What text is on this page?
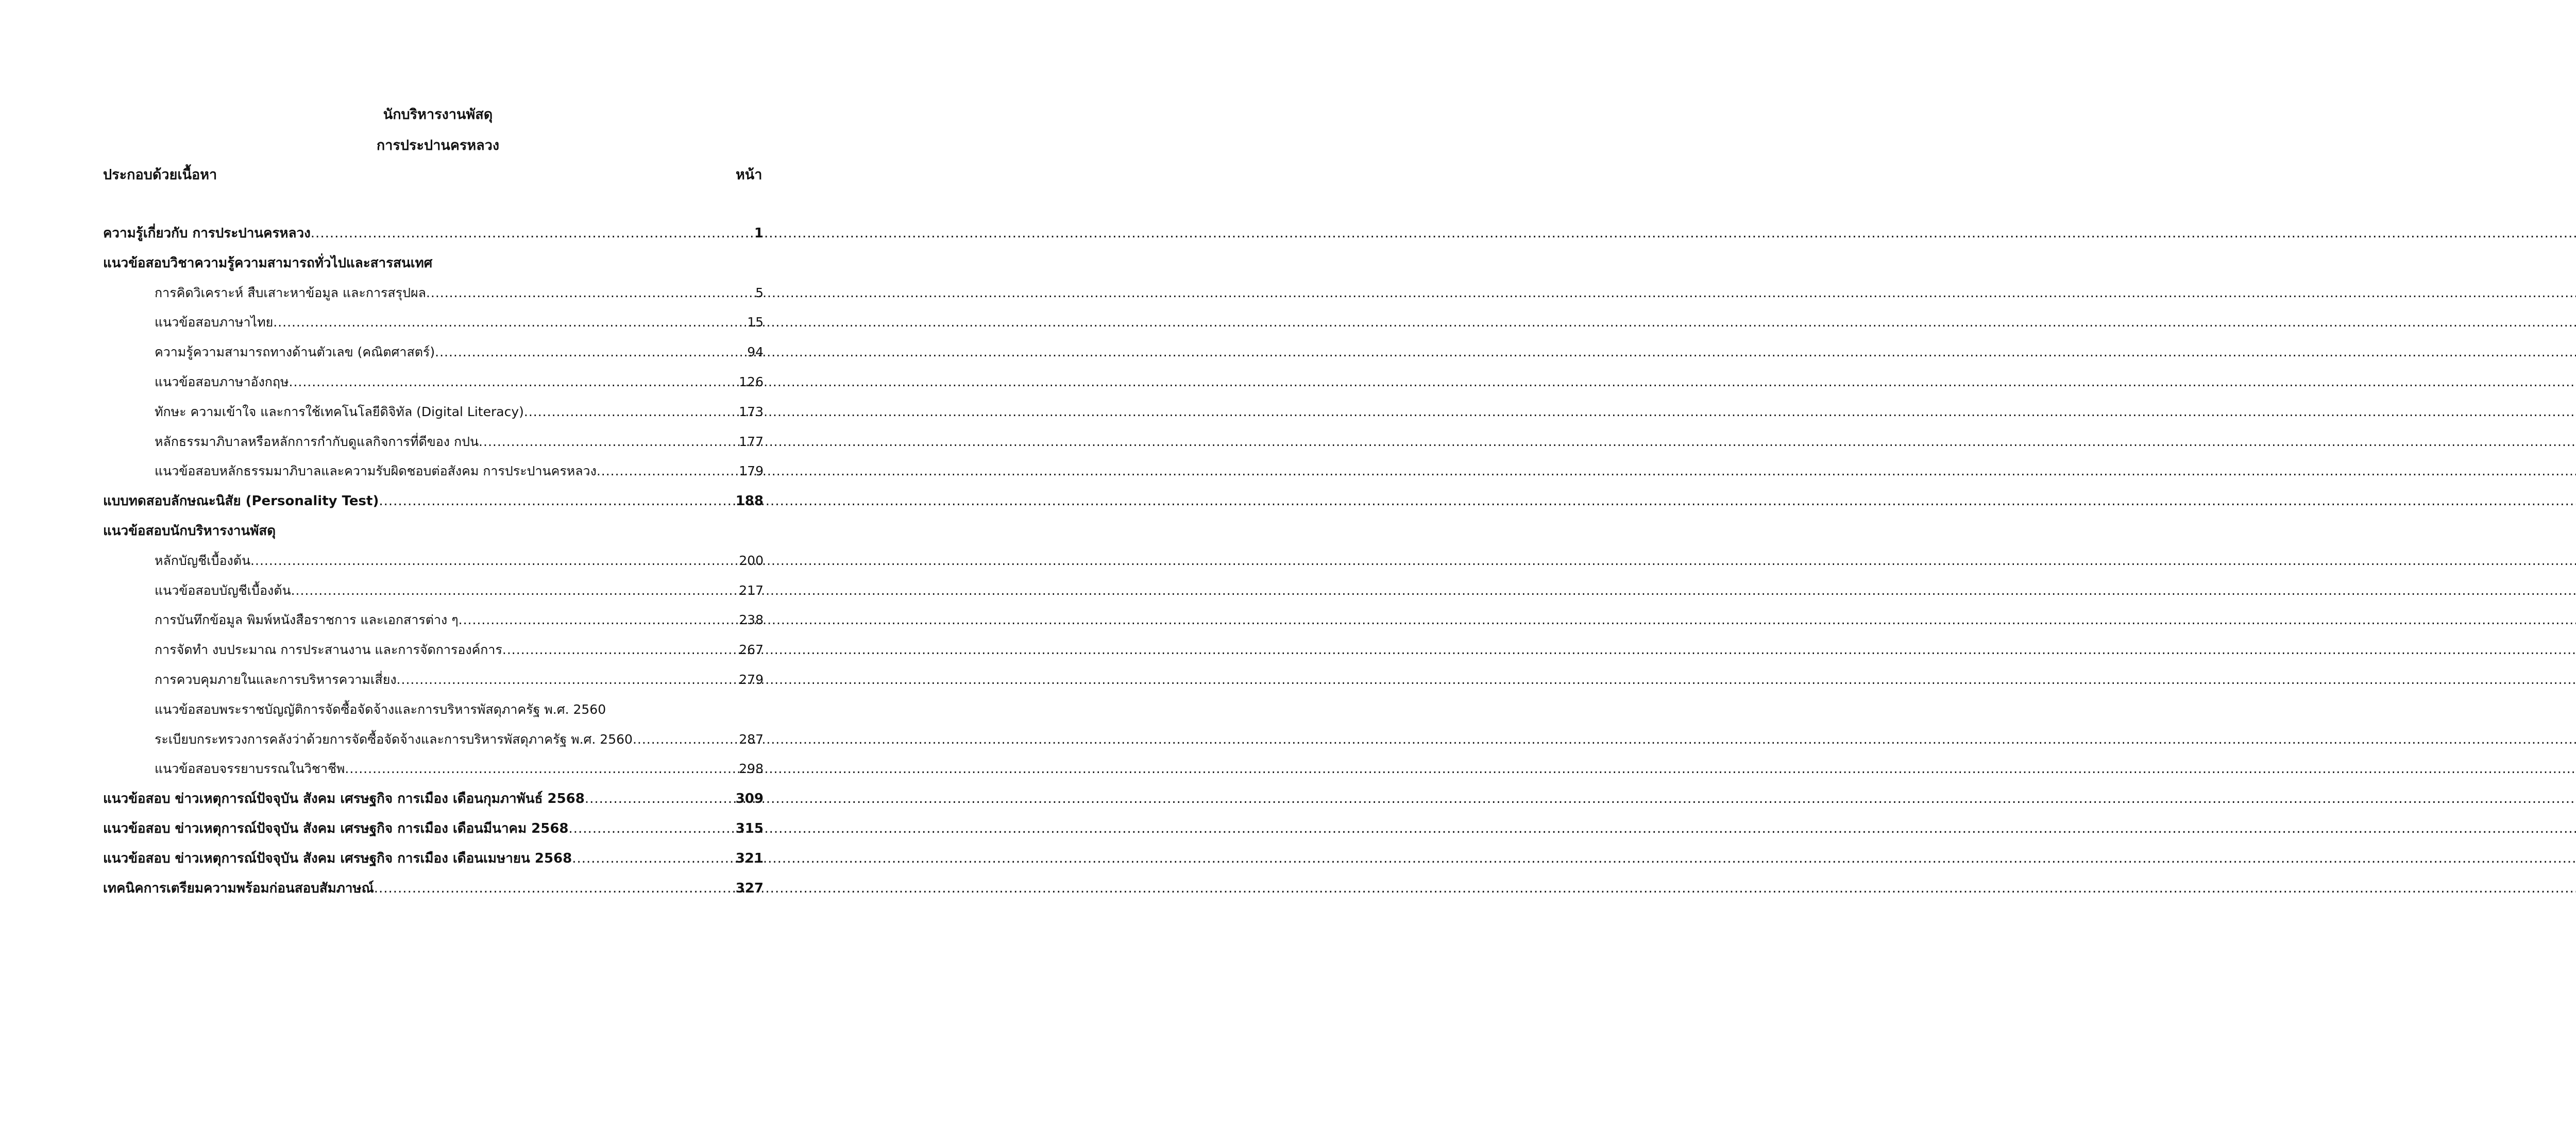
นักบริหารงานพัสดุ
การประปานครหลวง
ประกอบด้วยเนื้อหา	หน้า
ความรู้เกี่ยวกับ การประปานครหลวง .....	1
แนวข้อสอบวิชาความรู้ความสามารถทั่วไปและสารสนเทศ
การคิดวิเคราะห์ สืบเสาะหาข้อมูล และการสรุปผล .....	5
แนวข้อสอบภาษาไทย .....	15
ความรู้ความสามารถทางด้านตัวเลข (คณิตศาสตร์) .....	94
แนวข้อสอบภาษาอังกฤษ .....	126
ทักษะ ความเข้าใจ และการใช้เทคโนโลยีดิจิทัล (Digital Literacy) .....	173
หลักธรรมาภิบาลหรือหลักการกำกับดูแลกิจการที่ดีของ กปน .....	177
แนวข้อสอบหลักธรรมมาภิบาลและความรับผิดชอบต่อสังคม การประปานครหลวง .....	179
แบบทดสอบลักษณะนิสัย (Personality Test) .....	188
แนวข้อสอบนักบริหารงานพัสดุ
หลักบัญชีเบื้องต้น .....	200
แนวข้อสอบบัญชีเบื้องต้น .....	217
การบันทึกข้อมูล พิมพ์หนังสือราชการ และเอกสารต่าง ๆ .....	238
การจัดทำ งบประมาณ การประสานงาน และการจัดการองค์การ .....	267
การควบคุมภายในและการบริหารความเสี่ยง .....	279
แนวข้อสอบพระราชบัญญัติการจัดซื้อจัดจ้างและการบริหารพัสดุภาครัฐ พ.ศ. 2560
ระเบียบกระทรวงการคลังว่าด้วยการจัดซื้อจัดจ้างและการบริหารพัสดุภาครัฐ พ.ศ. 2560 .....	287
แนวข้อสอบจรรยาบรรณในวิชาชีพ .....	298
แนวข้อสอบ ข่าวเหตุการณ์ปัจจุบัน สังคม เศรษฐกิจ การเมือง เดือนกุมภาพันธ์ 2568 .....	309
แนวข้อสอบ ข่าวเหตุการณ์ปัจจุบัน สังคม เศรษฐกิจ การเมือง เดือนมีนาคม 2568 .....	315
แนวข้อสอบ ข่าวเหตุการณ์ปัจจุบัน สังคม เศรษฐกิจ การเมือง เดือนเมษายน 2568 .....	321
เทคนิคการเตรียมความพร้อมก่อนสอบสัมภาษณ์ .....	327
